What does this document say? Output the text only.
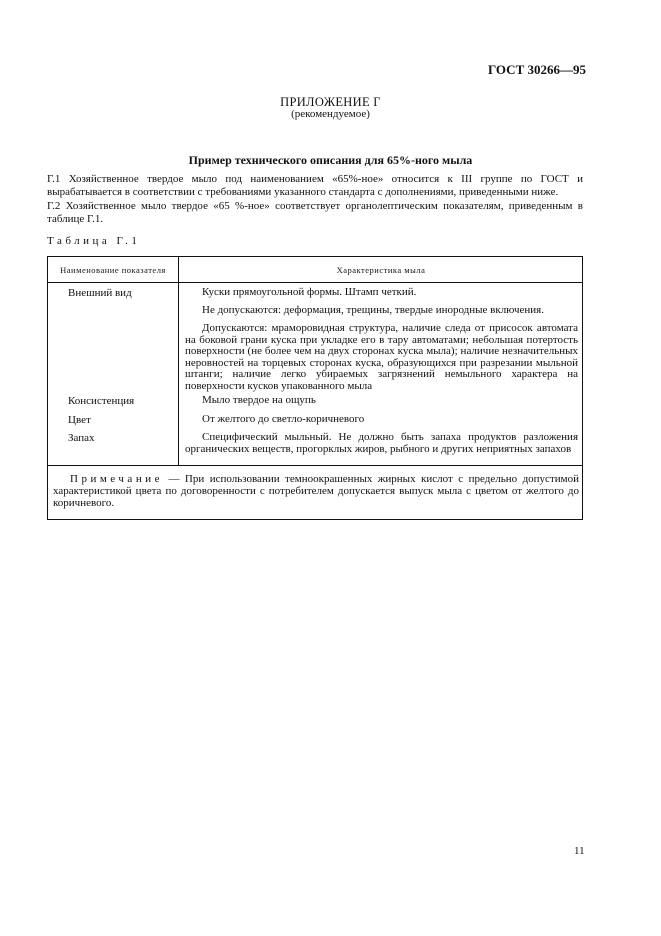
ГОСТ 30266—95
ПРИЛОЖЕНИЕ Г
(рекомендуемое)
Пример технического описания для 65%-ного мыла
Г.1 Хозяйственное твердое мыло под наименованием «65%-ное» относится к III группе по ГОСТ и вырабатывается в соответствии с требованиями указанного стандарта с дополнениями, приведенными ниже.
Г.2 Хозяйственное мыло твердое «65 %-ное» соответствует органолептическим показателям, приведенным в таблице Г.1.
Таблица Г.1
Наименование показателя	Характеристика мыла
Внешний вид
Консистенция
Цвет
Запах
Куски прямоугольной формы. Штамп четкий.
Не допускаются: деформация, трещины, твердые инородные включения.
Допускаются: мраморовидная структура, наличие следа от присосок автомата на боковой грани куска при укладке его в тару автоматами; небольшая потертость поверхности (не более чем на двух сторонах куска мыла); наличие незначительных неровностей на торцевых сторонах куска, образующихся при разрезании мыльной штанги; наличие легко убираемых загрязнений немыльного характера на поверхности кусков упакованного мыла
Мыло твердое на ощупь
От желтого до светло-коричневого
Специфический мыльный. Не должно быть запаха продуктов разложения органических веществ, прогорклых жиров, рыбного и других неприятных запахов
Примечание — При использовании темноокрашенных жирных кислот с предельно допустимой характеристикой цвета по договоренности с потребителем допускается выпуск мыла с цветом от желтого до коричневого.
11
